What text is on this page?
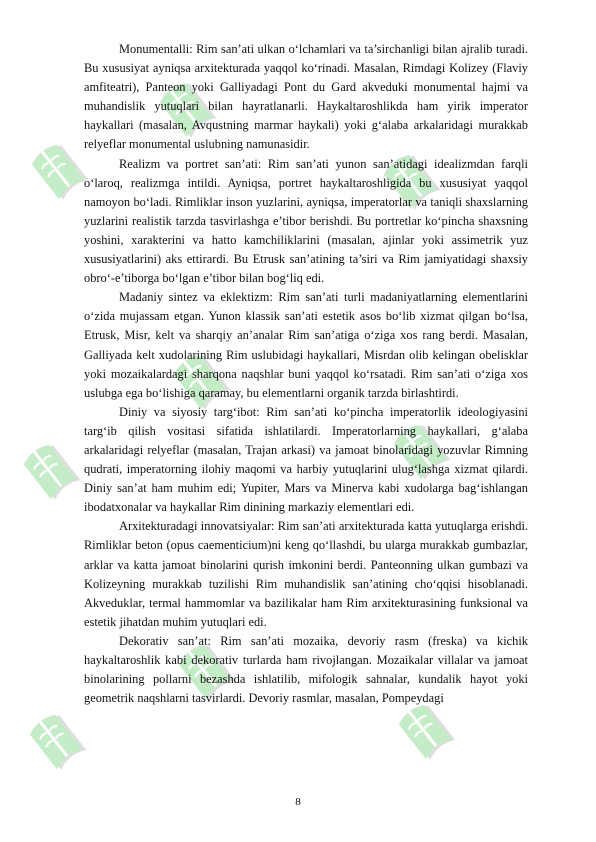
Monumentalli: Rim san’ati ulkan o‘lchamlari va ta’sirchanligi bilan ajralib turadi. Bu xususiyat ayniqsa arxitekturada yaqqol ko‘rinadi. Masalan, Rimdagi Kolizey (Flaviy amfiteatri), Panteon yoki Galliyadagi Pont du Gard akveduki monumental hajmi va muhandislik yutuqlari bilan hayratlanarli. Haykaltaroshlikda ham yirik imperator haykallari (masalan, Avqustning marmar haykali) yoki g‘alaba arkalaridagi murakkab relyeflar monumental uslubning namunasidir.

Realizm va portret san’ati: Rim san’ati yunon san’atidagi idealizmdan farqli o‘laroq, realizmga intildi. Ayniqsa, portret haykaltaroshligida bu xususiyat yaqqol namoyon bo‘ladi. Rimliklar inson yuzlarini, ayniqsa, imperatorlar va taniqli shaxslarning yuzlarini realistik tarzda tasvirlashga e’tibor berishdi. Bu portretlar ko‘pincha shaxsning yoshini, xarakterini va hatto kamchiliklarini (masalan, ajinlar yoki assimetrik yuz xususiyatlarini) aks ettirardi. Bu Etrusk san’atining ta’siri va Rim jamiyatidagi shaxsiy obro‘-e’tiborga bo‘lgan e’tibor bilan bog‘liq edi.

Madaniy sintez va eklektizm: Rim san’ati turli madaniyatlarning elementlarini o‘zida mujassam etgan. Yunon klassik san’ati estetik asos bo‘lib xizmat qilgan bo‘lsa, Etrusk, Misr, kelt va sharqiy an’analar Rim san’atiga o‘ziga xos rang berdi. Masalan, Galliyada kelt xudolarining Rim uslubidagi haykallari, Misrdan olib kelingan obelisklar yoki mozaikalardagi sharqona naqshlar buni yaqqol ko‘rsatadi. Rim san’ati o‘ziga xos uslubga ega bo‘lishiga qaramay, bu elementlarni organik tarzda birlashtirdi.

Diniy va siyosiy targ‘ibot: Rim san’ati ko‘pincha imperatorlik ideologiyasini targ‘ib qilish vositasi sifatida ishlatilardi. Imperatorlarning haykallari, g‘alaba arkalaridagi relyeflar (masalan, Trajan arkasi) va jamoat binolaridagi yozuvlar Rimning qudrati, imperatorning ilohiy maqomi va harbiy yutuqlarini ulug‘lashga xizmat qilardi. Diniy san’at ham muhim edi; Yupiter, Mars va Minerva kabi xudolarga bag‘ishlangan ibodatxonalar va haykallar Rim dinining markaziy elementlari edi.

Arxitekturadagi innovatsiyalar: Rim san’ati arxitekturada katta yutuqlarga erishdi. Rimliklar beton (opus caementicium)ni keng qo‘llashdi, bu ularga murakkab gumbazlar, arklar va katta jamoat binolarini qurish imkonini berdi. Panteonning ulkan gumbazi va Kolizeyning murakkab tuzilishi Rim muhandislik san’atining cho‘qqisi hisoblanadi. Akveduklar, termal hammomlar va bazilikalar ham Rim arxitekturasining funksional va estetik jihatdan muhim yutuqlari edi.

Dekorativ san’at: Rim san’ati mozaika, devoriy rasm (freska) va kichik haykaltaroshlik kabi dekorativ turlarda ham rivojlangan. Mozaikalar villalar va jamoat binolarining pollarni bezashda ishlatilib, mifologik sahnalar, kundalik hayot yoki geometrik naqshlarni tasvirlardi. Devoriy rasmlar, masalan, Pompeydagi

8
